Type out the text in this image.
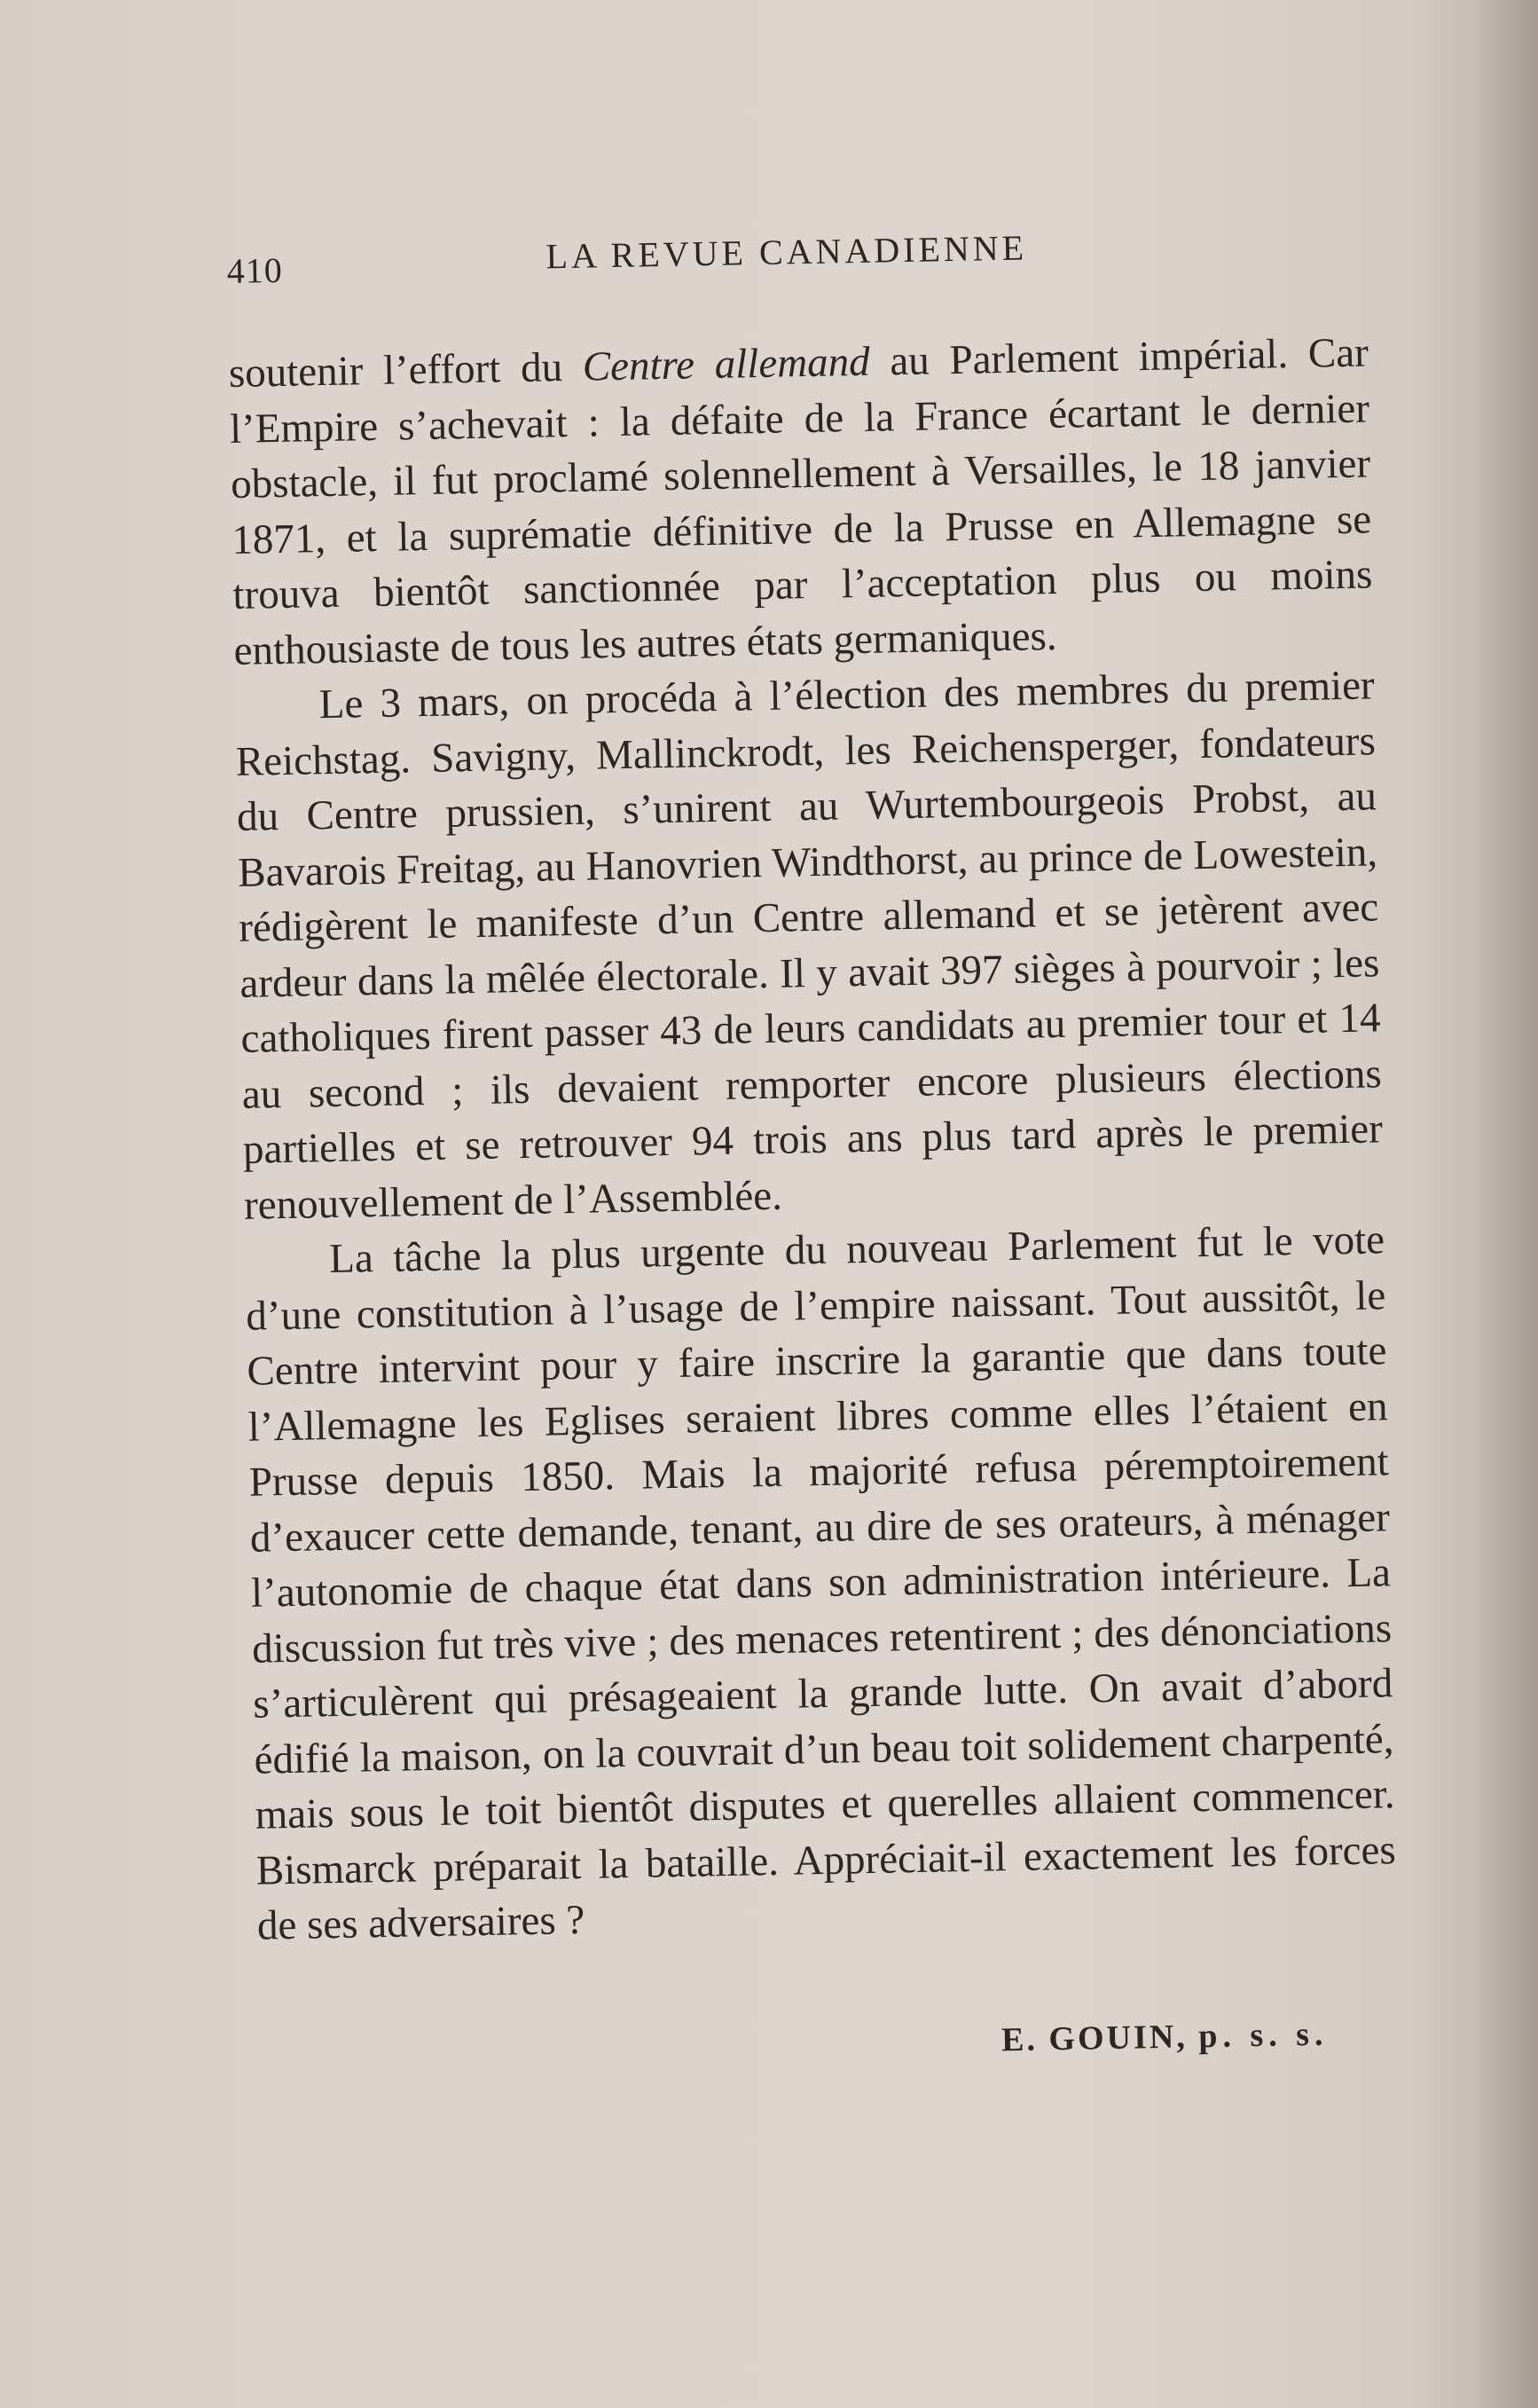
410	LA REVUE CANADIENNE

soutenir l’effort du Centre allemand au Parlement impérial. Car l’Empire s’achevait : la défaite de la France écartant le dernier obstacle, il fut proclamé solennellement à Versailles, le 18 janvier 1871, et la suprématie définitive de la Prusse en Allemagne se trouva bientôt sanctionnée par l’acceptation plus ou moins enthousiaste de tous les autres états germaniques.

Le 3 mars, on procéda à l’élection des membres du premier Reichstag. Savigny, Mallinckrodt, les Reichensperger, fondateurs du Centre prussien, s’unirent au Wurtembourgeois Probst, au Bavarois Freitag, au Hanovrien Windthorst, au prince de Lowestein, rédigèrent le manifeste d’un Centre allemand et se jetèrent avec ardeur dans la mêlée électorale. Il y avait 397 sièges à pourvoir ; les catholiques firent passer 43 de leurs candidats au premier tour et 14 au second ; ils devaient remporter encore plusieurs élections partielles et se retrouver 94 trois ans plus tard après le premier renouvellement de l’Assemblée.

La tâche la plus urgente du nouveau Parlement fut le vote d’une constitution à l’usage de l’empire naissant. Tout aussitôt, le Centre intervint pour y faire inscrire la garantie que dans toute l’Allemagne les Eglises seraient libres comme elles l’étaient en Prusse depuis 1850. Mais la majorité refusa péremptoirement d’exaucer cette demande, tenant, au dire de ses orateurs, à ménager l’autonomie de chaque état dans son administration intérieure. La discussion fut très vive ; des menaces retentirent ; des dénonciations s’articulèrent qui présageaient la grande lutte. On avait d’abord édifié la maison, on la couvrait d’un beau toit solidement charpenté, mais sous le toit bientôt disputes et querelles allaient commencer. Bismarck préparait la bataille. Appréciait-il exactement les forces de ses adversaires ?

E. GOUIN, p. s. s.
